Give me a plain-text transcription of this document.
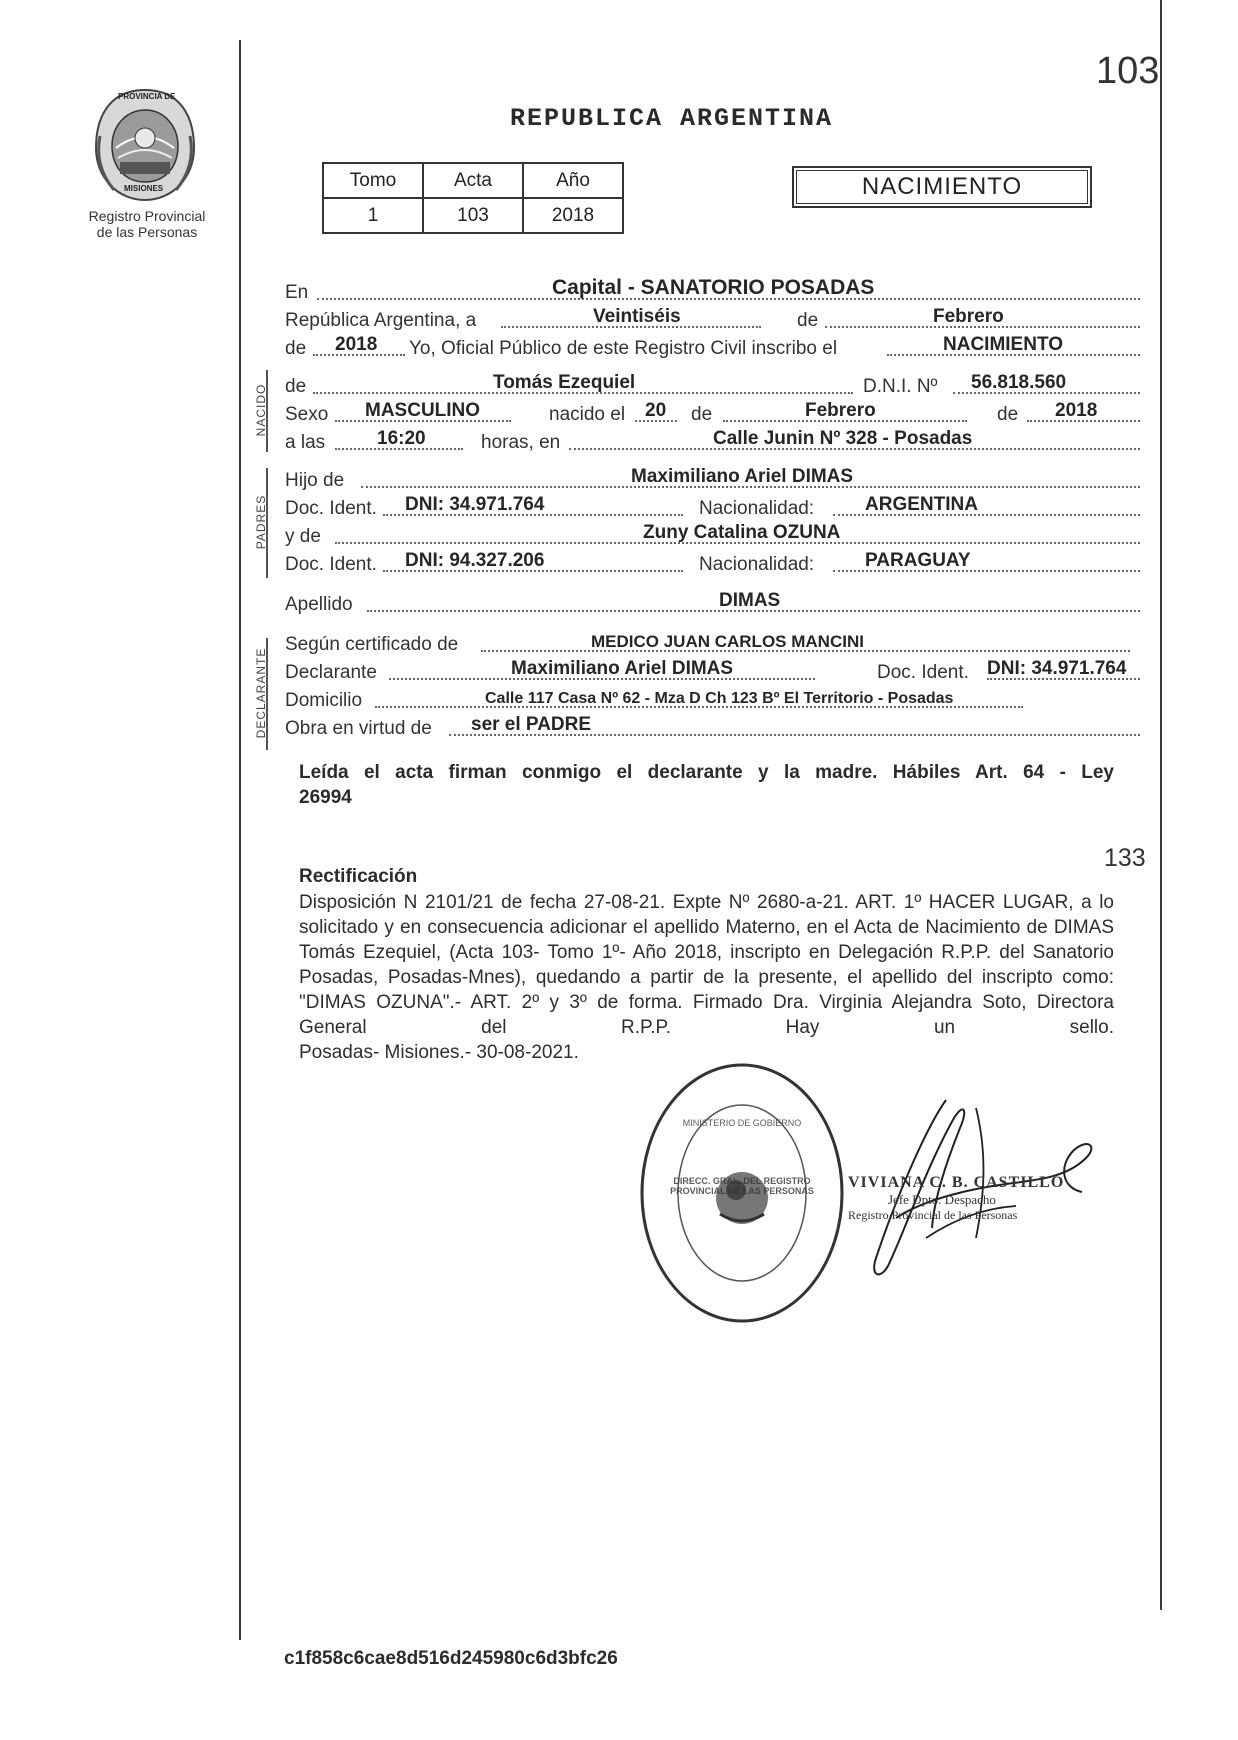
103
PROVINCIA DE
MISIONES
Registro Provincial
de las Personas
REPUBLICA ARGENTINA
Tomo	Acta	Año
1	103	2018
NACIMIENTO
NACIDO
PADRES
DECLARANTE
En	Capital - SANATORIO POSADAS
República Argentina, a	Veintiséis	de	Febrero
de 2018 Yo, Oficial Público de este Registro Civil inscribo el	NACIMIENTO
de	Tomás Ezequiel	D.N.I. Nº 56.818.560
Sexo MASCULINO	nacido el 20 de	Febrero	de 2018
a las	16:20	horas, en	Calle Junin Nº 328 - Posadas
Hijo de	Maximiliano Ariel DIMAS
Doc. Ident. DNI: 34.971.764	Nacionalidad:	ARGENTINA
y de	Zuny Catalina OZUNA
Doc. Ident. DNI: 94.327.206	Nacionalidad:	PARAGUAY
Apellido	DIMAS
Según certificado de	MEDICO JUAN CARLOS MANCINI
Declarante	Maximiliano Ariel DIMAS	Doc. Ident. DNI: 34.971.764
Domicilio	Calle 117 Casa Nº 62 - Mza D Ch 123 Bº El Territorio - Posadas
Obra en virtud de ser el PADRE
Leída el acta firman conmigo el declarante y la madre. Hábiles Art. 64 - Ley
26994
133
Rectificación
Disposición N 2101/21 de fecha 27-08-21. Expte Nº 2680-a-21. ART. 1º HACER LUGAR, a lo solicitado y en consecuencia adicionar el apellido Materno, en el Acta de Nacimiento de DIMAS Tomás Ezequiel, (Acta 103- Tomo 1º- Año 2018, inscripto en Delegación R.P.P. del Sanatorio Posadas, Posadas-Mnes), quedando a partir de la presente, el apellido del inscripto como: "DIMAS OZUNA".- ART. 2º y 3º de forma. Firmado Dra. Virginia Alejandra Soto, Directora General del R.P.P. Hay un sello.
Posadas- Misiones.- 30-08-2021.
DIRECC. GRAL. DEL REGISTRO PROVINCIAL DE LAS PERSONAS
MINISTERIO DE GOBIERNO
VIVIANA C. B. CASTILLO
Jefe Dpto. Despacho
Registro Provincial de las Personas
c1f858c6cae8d516d245980c6d3bfc26
